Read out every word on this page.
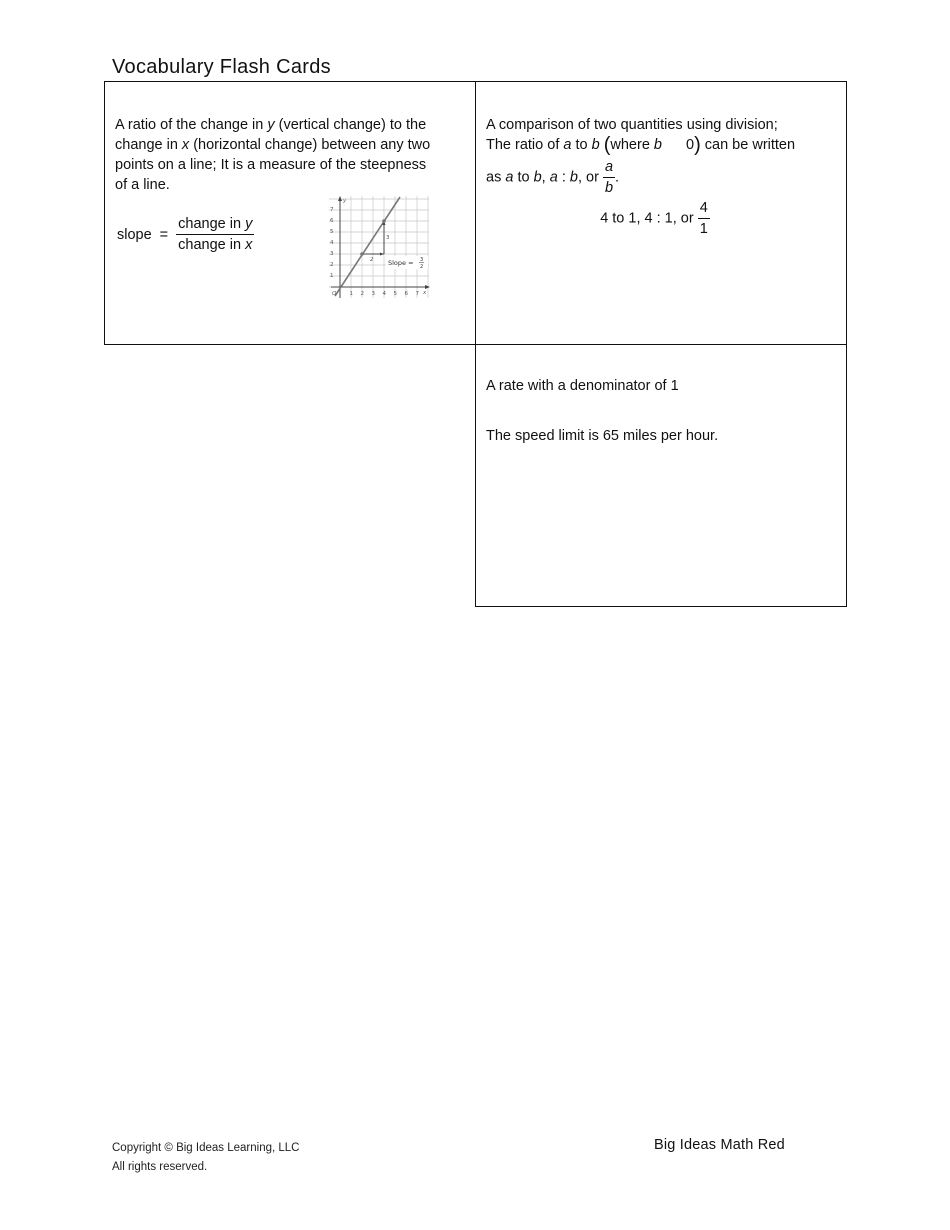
Vocabulary Flash Cards

A ratio of the change in y (vertical change) to the
change in x (horizontal change) between any two
points on a line; It is a measure of the steepness
of a line.

slope = $\frac{\text{change in y}}{\text{change in x}}$
7
6
5
4
3
2
1
1 2 3 4 5 6 7
O	x
y
3
2 Slope = 3
2

A comparison of two quantities using division;
The ratio of a to b (where b 0) can be written

as a to b, a : b, or $\frac{a}{b}$ .

4 to 1, 4 : 1, or $\frac{4}{1}$

A rate with a denominator of 1

The speed limit is 65 miles per hour.

Copyright © Big Ideas Learning, LLC
All rights reserved.
Big Ideas Math Red
